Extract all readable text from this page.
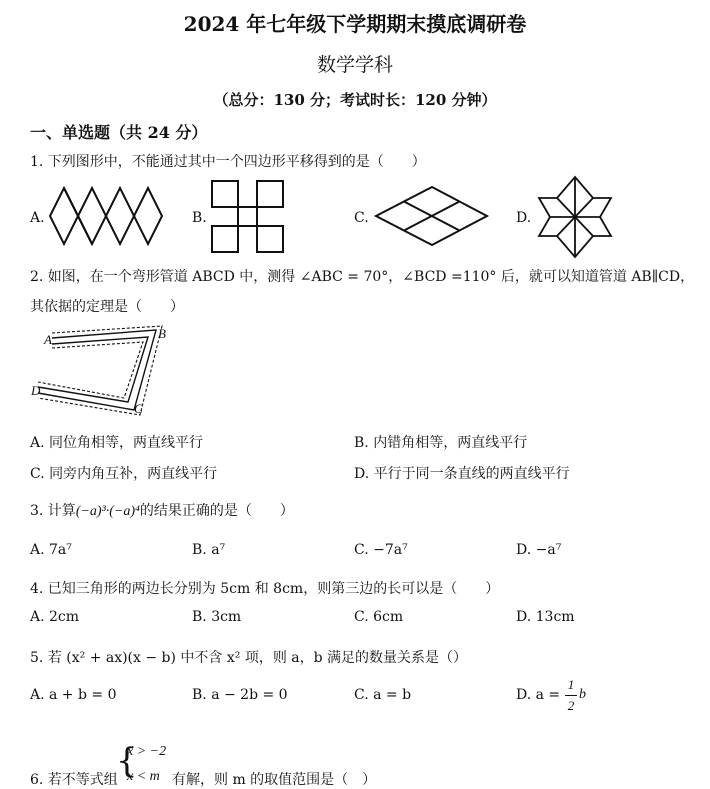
2024 年七年级下学期期末摸底调研卷
数学学科
（总分：130 分；考试时长：120 分钟）
一、单选题（共 24 分）
1. 下列图形中，不能通过其中一个四边形平移得到的是（　　）
A.	B.	C.	D.
2. 如图，在一个弯形管道 ABCD 中，测得 ∠ABC = 70°，∠BCD =110° 后，就可以知道管道 AB∥CD，
其依据的定理是（　　）
A	B
C
D
A. 同位角相等，两直线平行	B. 内错角相等，两直线平行
C. 同旁内角互补，两直线平行	D. 平行于同一条直线的两直线平行
3. 计算(−a)³·(−a)⁴的结果正确的是（　　）
A. 7a⁷	B. a⁷	C. −7a⁷	D. −a⁷
4. 已知三角形的两边长分别为 5cm 和 8cm，则第三边的长可以是（　　）
A. 2cm	B. 3cm	C. 6cm	D. 13cm
5. 若 (x² + ax)(x − b) 中不含 x² 项，则 a，b 满足的数量关系是（）
A. a + b = 0	B. a − 2b = 0	C. a = b	D. a =
1
2
b
6. 若不等式组
{
x > −2
x < m 有解，则 m 的取值范围是（　）
